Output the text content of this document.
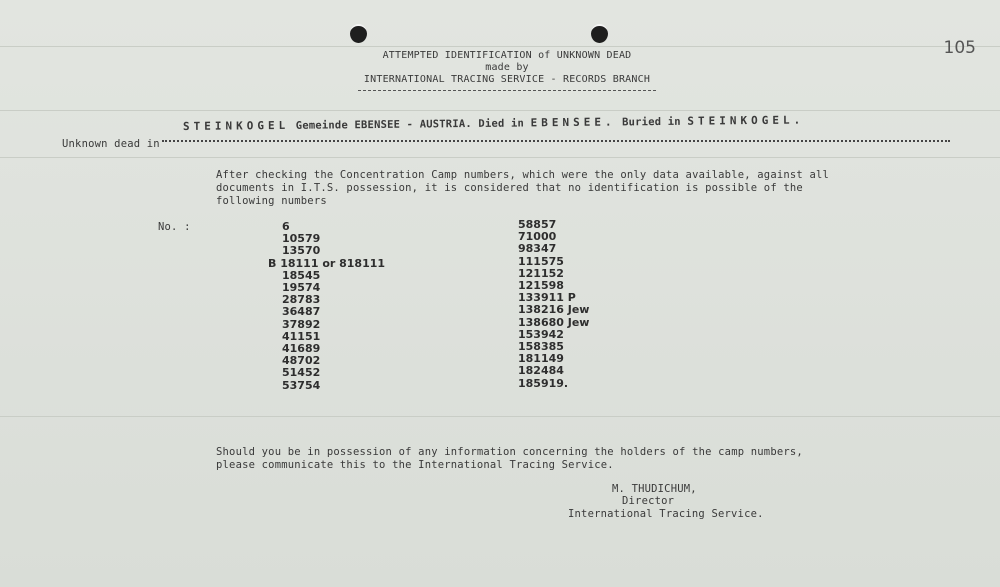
105
ATTEMPTED IDENTIFICATION of UNKNOWN DEAD
made by
INTERNATIONAL TRACING SERVICE - RECORDS BRANCH
STEINKOGEL Gemeinde EBENSEE - AUSTRIA. Died in EBENSEE. Buried in STEINKOGEL.
Unknown dead in
After checking the Concentration Camp numbers, which were the only data available, against all
documents in I.T.S. possession, it is considered that no identification is possible of the
following numbers
No. :	6
10579
13570
B 18111 or 818111
18545
19574
28783
36487
37892
41151
41689
48702
51452
53754
58857
71000
98347
111575
121152
121598
133911 P
138216 Jew
138680 Jew
153942
158385
181149
182484
185919.
Should you be in possession of any information concerning the holders of the camp numbers,
please communicate this to the International Tracing Service.
M. THUDICHUM,
Director
International Tracing Service.
